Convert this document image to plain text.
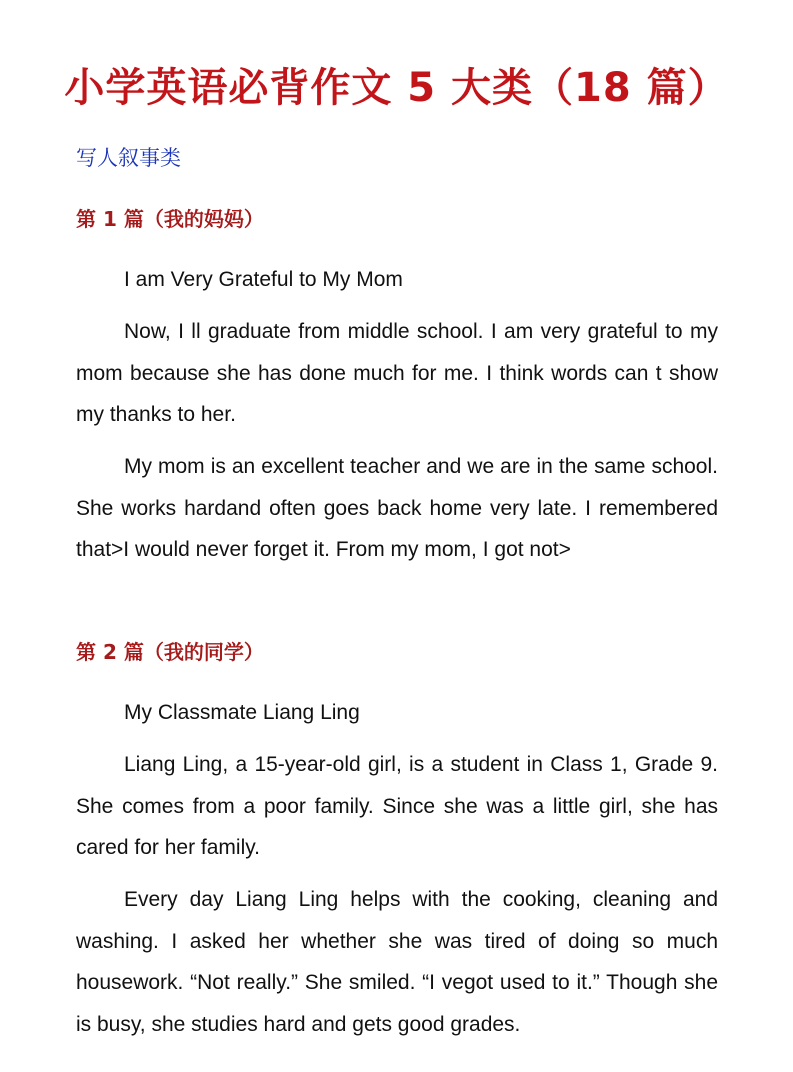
小学英语必背作文 5 大类（18 篇）
写人叙事类
第 1 篇（我的妈妈）
I am Very Grateful to My Mom

Now, I ll graduate from middle school. I am very grateful to my mom because she has done much for me. I think words can t show my thanks to her.

My mom is an excellent teacher and we are in the same school. She works hardand often goes back home very late. I remembered that>I would never forget it. From my mom, I got not>

第 2 篇（我的同学）
My Classmate Liang Ling

Liang Ling, a 15-year-old girl, is a student in Class 1, Grade 9. She comes from a poor family. Since she was a little girl, she has cared for her family.

Every day Liang Ling helps with the cooking, cleaning and washing. I asked her whether she was tired of doing so much housework. “Not really.” She smiled. “I vegot used to it.” Though she is busy, she studies hard and gets good grades.
